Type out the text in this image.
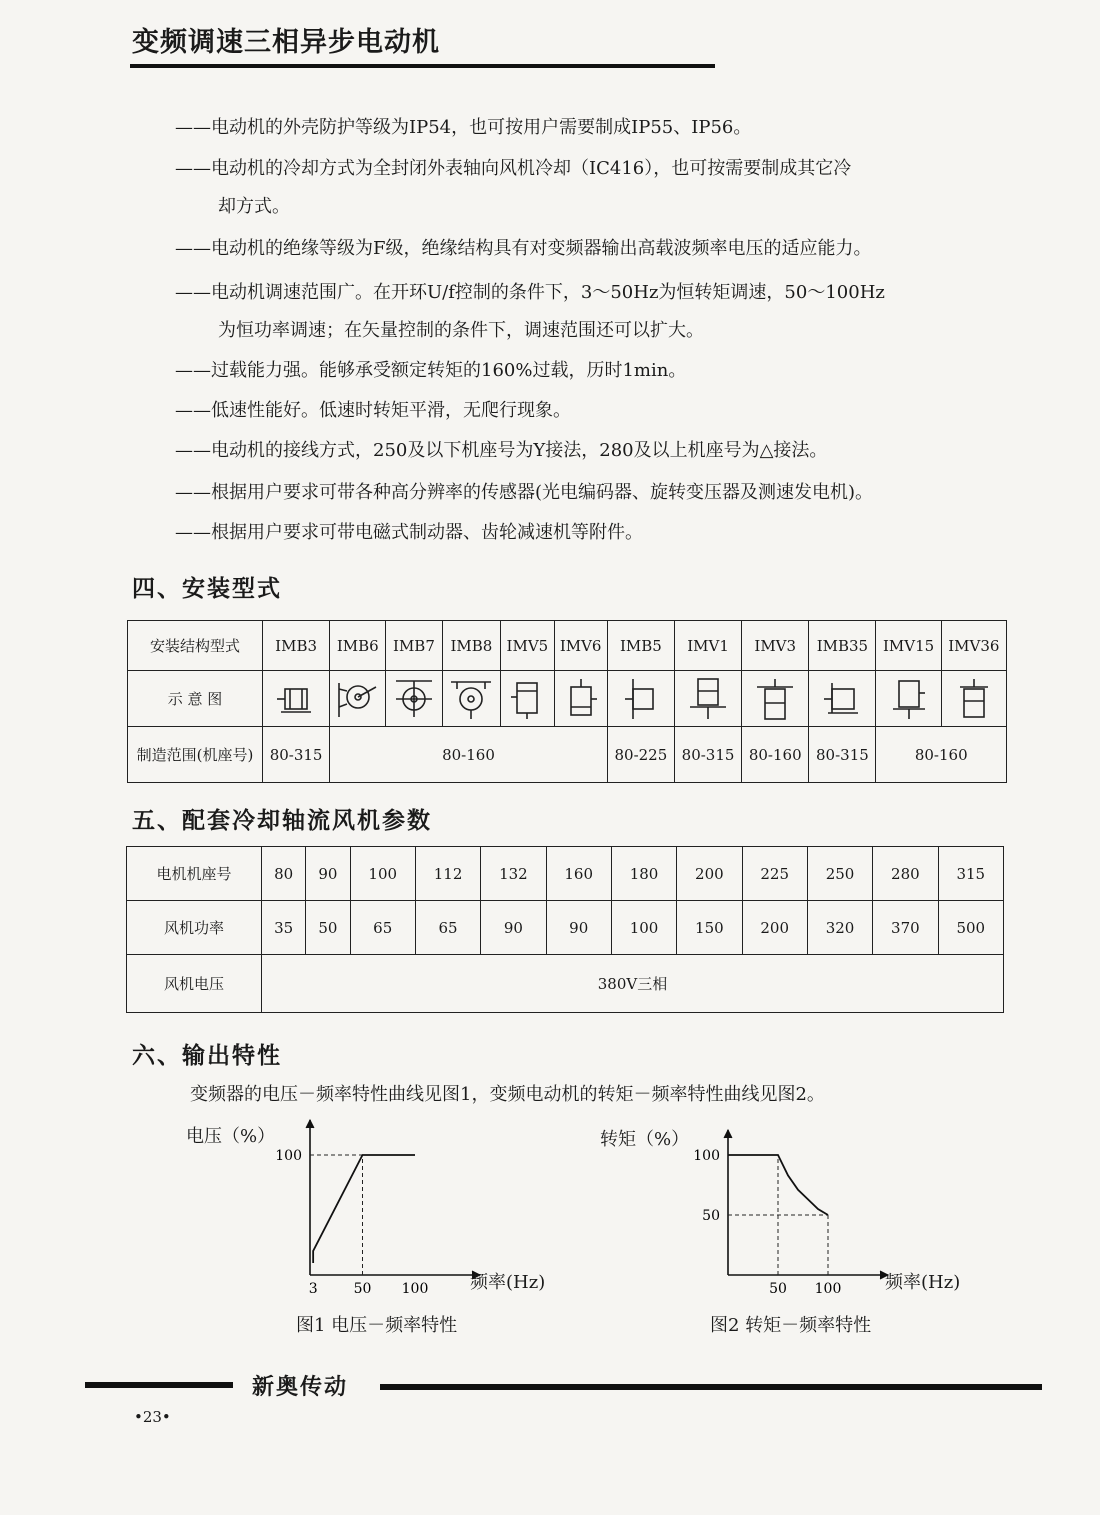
变频调速三相异步电动机
——电动机的外壳防护等级为IP54，也可按用户需要制成IP55、IP56。
——电动机的冷却方式为全封闭外表轴向风机冷却（IC416），也可按需要制成其它冷
却方式。
——电动机的绝缘等级为F级，绝缘结构具有对变频器输出高载波频率电压的适应能力。
——电动机调速范围广。在开环U/f控制的条件下，3～50Hz为恒转矩调速，50～100Hz
为恒功率调速；在矢量控制的条件下，调速范围还可以扩大。
——过载能力强。能够承受额定转矩的160%过载，历时1min。
——低速性能好。低速时转矩平滑，无爬行现象。
——电动机的接线方式，250及以下机座号为Y接法，280及以上机座号为△接法。
——根据用户要求可带各种高分辨率的传感器(光电编码器、旋转变压器及测速发电机)。
——根据用户要求可带电磁式制动器、齿轮减速机等附件。
四、安装型式
安装结构型式	IMB3	IMB6	IMB7	IMB8	IMV5	IMV6	IMB5	IMV1	IMV3	IMB35	IMV15	IMV36
示 意 图	

制造范围(机座号)	80-315	80-160					80-225	80-315	80-160	80-315	80-160	
五、配套冷却轴流风机参数
电机机座号	80	90	100	112	132	160	180	200	225	250	280	315
风机功率	35	50	65	65	90	90	100	150	200	320	370	500
风机电压	380V三相											
六、输出特性
变频器的电压－频率特性曲线见图1，变频电动机的转矩－频率特性曲线见图2。
电压（%）
3	50 100
100
频率(Hz)
图1 电压－频率特性
转矩（%）
50 100
100
50
频率(Hz)
图2 转矩－频率特性
新奥传动
•23•
